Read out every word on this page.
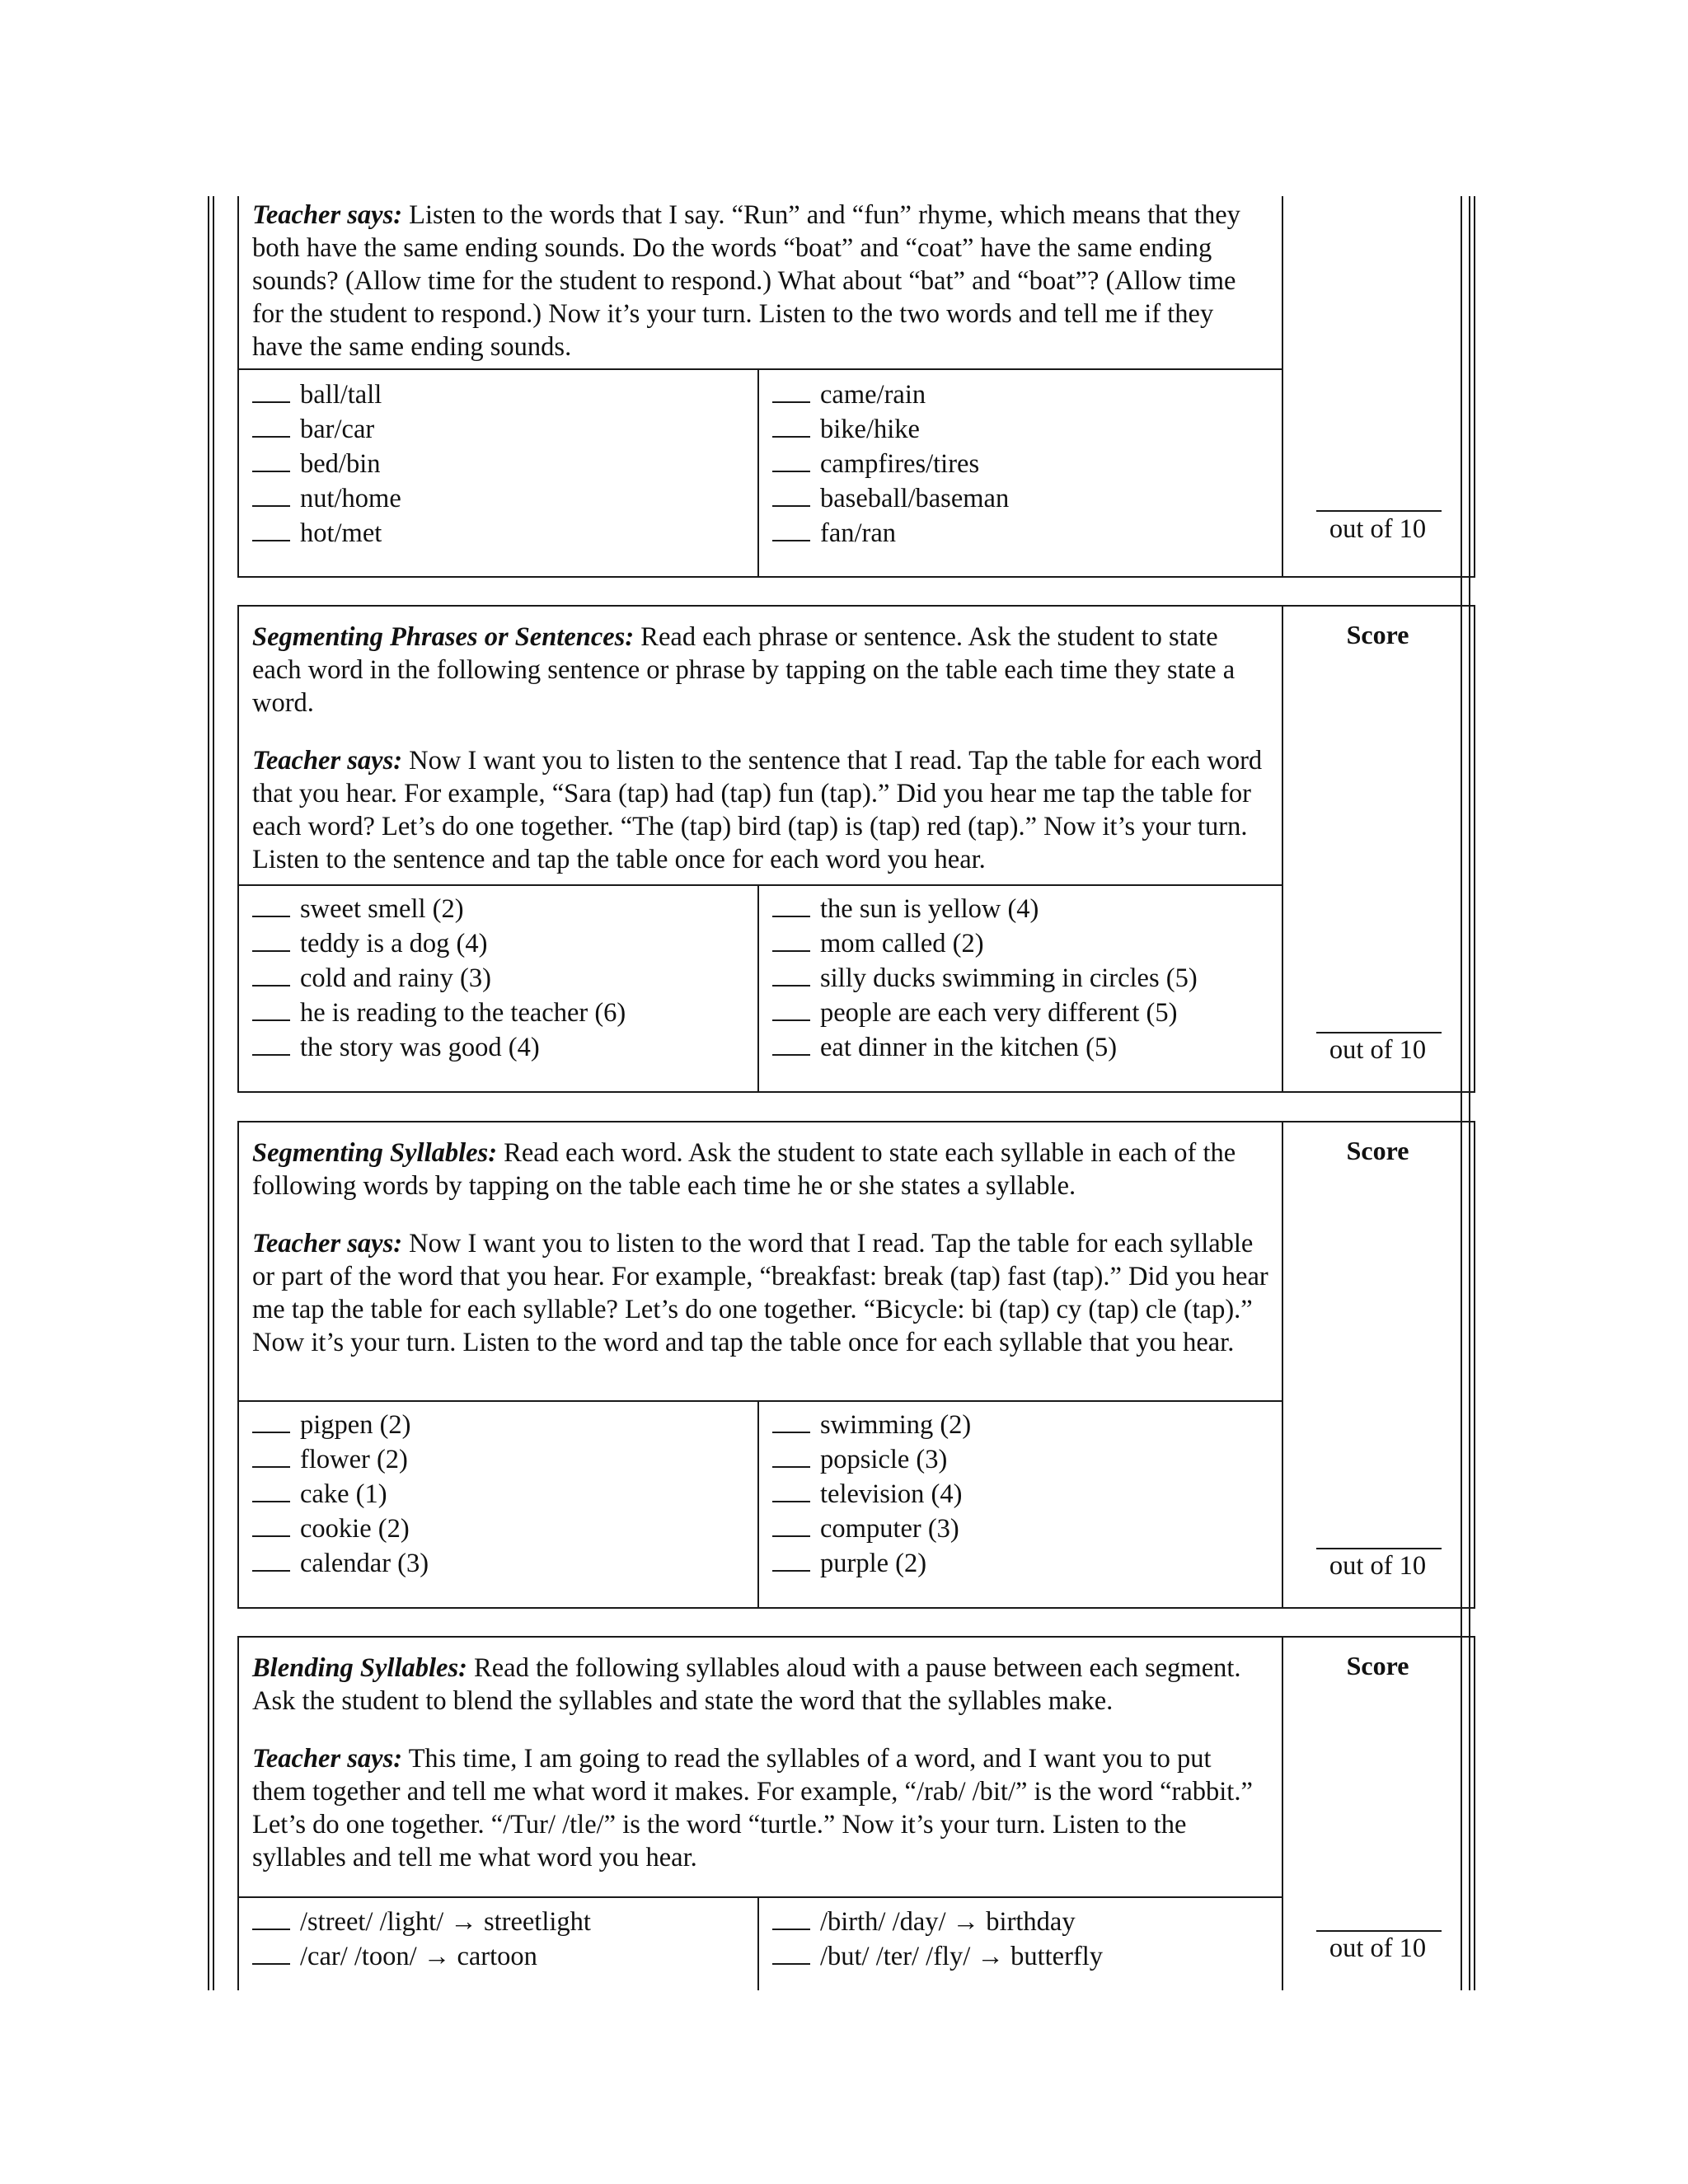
Teacher says: Listen to the words that I say. “Run” and “fun” rhyme, which means that they both have the same ending sounds. Do the words “boat” and “coat” have the same ending sounds? (Allow time for the student to respond.) What about “bat” and “boat”? (Allow time for the student to respond.) Now it’s your turn. Listen to the two words and tell me if they have the same ending sounds.

ball/tall
bar/car
bed/bin
nut/home
hot/met
came/rain
bike/hike
campfires/tires
baseball/baseman
fan/ran	out of 10

Segmenting Phrases or Sentences: Read each phrase or sentence. Ask the student to state each word in the following sentence or phrase by tapping on the table each time they state a word.

Teacher says: Now I want you to listen to the sentence that I read. Tap the table for each word that you hear. For example, “Sara (tap) had (tap) fun (tap).” Did you hear me tap the table for each word? Let’s do one together. “The (tap) bird (tap) is (tap) red (tap).” Now it’s your turn. Listen to the sentence and tap the table once for each word you hear.

sweet smell (2)
teddy is a dog (4)
cold and rainy (3)
he is reading to the teacher (6)
the story was good (4)
the sun is yellow (4)
mom called (2)
silly ducks swimming in circles (5)
people are each very different (5)
eat dinner in the kitchen (5)
Score
out of 10

Segmenting Syllables: Read each word. Ask the student to state each syllable in each of the following words by tapping on the table each time he or she states a syllable.

Teacher says: Now I want you to listen to the word that I read. Tap the table for each syllable or part of the word that you hear. For example, “breakfast: break (tap) fast (tap).” Did you hear me tap the table for each syllable? Let’s do one together. “Bicycle: bi (tap) cy (tap) cle (tap).” Now it’s your turn. Listen to the word and tap the table once for each syllable that you hear.

pigpen (2)
flower (2)
cake (1)
cookie (2)
calendar (3)
swimming (2)
popsicle (3)
television (4)
computer (3)
purple (2)
Score
out of 10

Blending Syllables: Read the following syllables aloud with a pause between each segment. Ask the student to blend the syllables and state the word that the syllables make.

Teacher says: This time, I am going to read the syllables of a word, and I want you to put them together and tell me what word it makes. For example, “/rab/ /bit/” is the word “rabbit.” Let’s do one together. “/Tur/ /tle/” is the word “turtle.” Now it’s your turn. Listen to the syllables and tell me what word you hear.

/street/ /light/ → streetlight
/car/ /toon/ → cartoon
/birth/ /day/ → birthday
/but/ /ter/ /fly/ → butterfly
Score
out of 10
